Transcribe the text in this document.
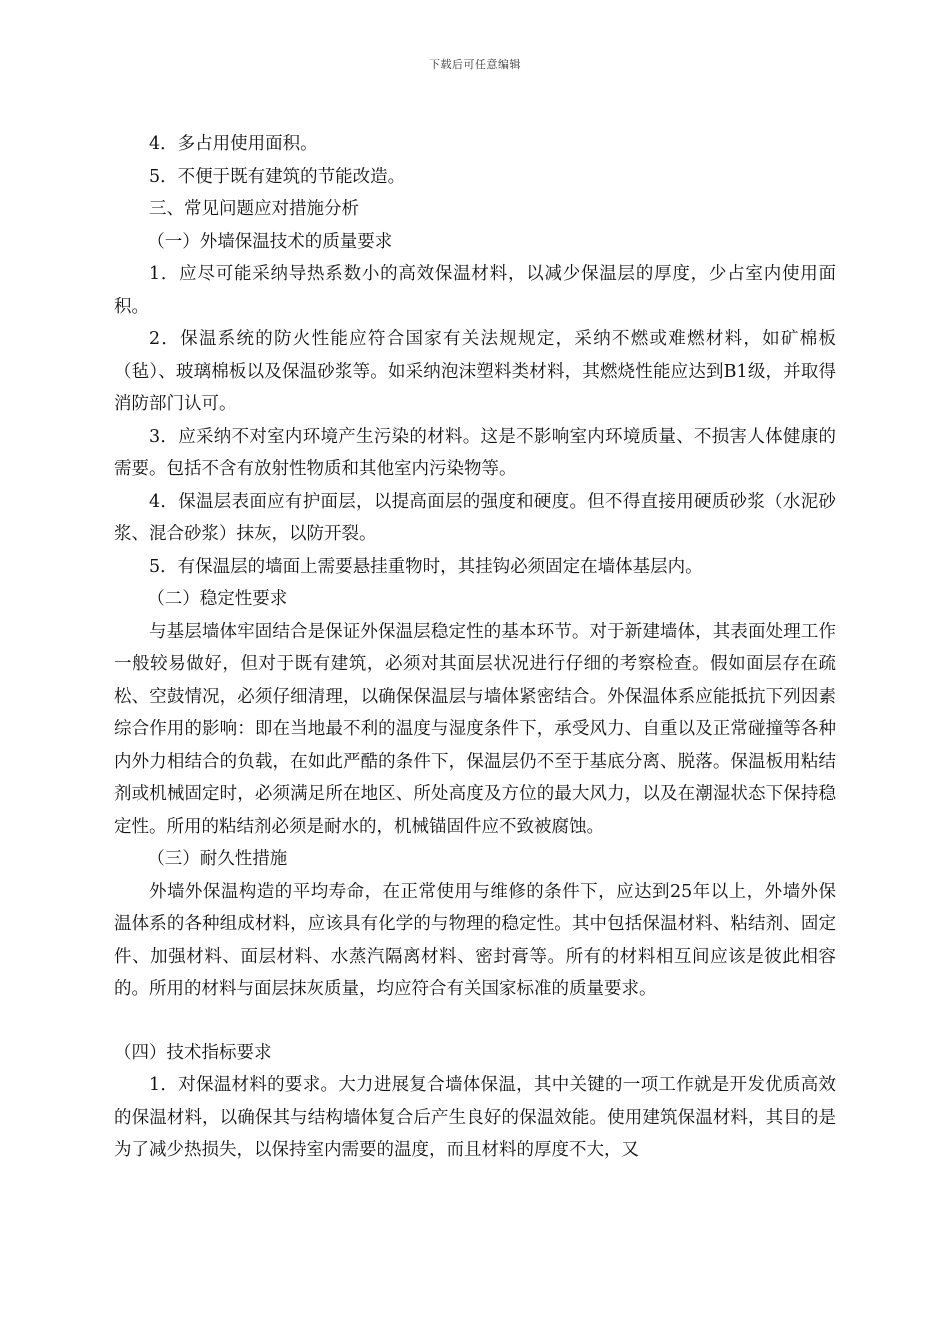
下载后可任意编辑

4．多占用使用面积。

5．不便于既有建筑的节能改造。

三、常见问题应对措施分析

（一）外墙保温技术的质量要求

1．应尽可能采纳导热系数小的高效保温材料，以减少保温层的厚度，少占室内使用面积。

2．保温系统的防火性能应符合国家有关法规规定，采纳不燃或难燃材料，如矿棉板（毡）、玻璃棉板以及保温砂浆等。如采纳泡沫塑料类材料，其燃烧性能应达到B1级，并取得消防部门认可。

3．应采纳不对室内环境产生污染的材料。这是不影响室内环境质量、不损害人体健康的需要。包括不含有放射性物质和其他室内污染物等。

4．保温层表面应有护面层，以提高面层的强度和硬度。但不得直接用硬质砂浆（水泥砂浆、混合砂浆）抹灰，以防开裂。

5．有保温层的墙面上需要悬挂重物时，其挂钩必须固定在墙体基层内。

（二）稳定性要求

与基层墙体牢固结合是保证外保温层稳定性的基本环节。对于新建墙体，其表面处理工作一般较易做好，但对于既有建筑，必须对其面层状况进行仔细的考察检查。假如面层存在疏松、空鼓情况，必须仔细清理，以确保保温层与墙体紧密结合。外保温体系应能抵抗下列因素综合作用的影响：即在当地最不利的温度与湿度条件下，承受风力、自重以及正常碰撞等各种内外力相结合的负载，在如此严酷的条件下，保温层仍不至于基底分离、脱落。保温板用粘结剂或机械固定时，必须满足所在地区、所处高度及方位的最大风力，以及在潮湿状态下保持稳定性。所用的粘结剂必须是耐水的，机械锚固件应不致被腐蚀。

（三）耐久性措施

外墙外保温构造的平均寿命，在正常使用与维修的条件下，应达到25年以上，外墙外保温体系的各种组成材料，应该具有化学的与物理的稳定性。其中包括保温材料、粘结剂、固定件、加强材料、面层材料、水蒸汽隔离材料、密封膏等。所有的材料相互间应该是彼此相容的。所用的材料与面层抹灰质量，均应符合有关国家标准的质量要求。

（四）技术指标要求

1．对保温材料的要求。大力进展复合墙体保温，其中关键的一项工作就是开发优质高效的保温材料，以确保其与结构墙体复合后产生良好的保温效能。使用建筑保温材料，其目的是为了减少热损失，以保持室内需要的温度，而且材料的厚度不大，又
